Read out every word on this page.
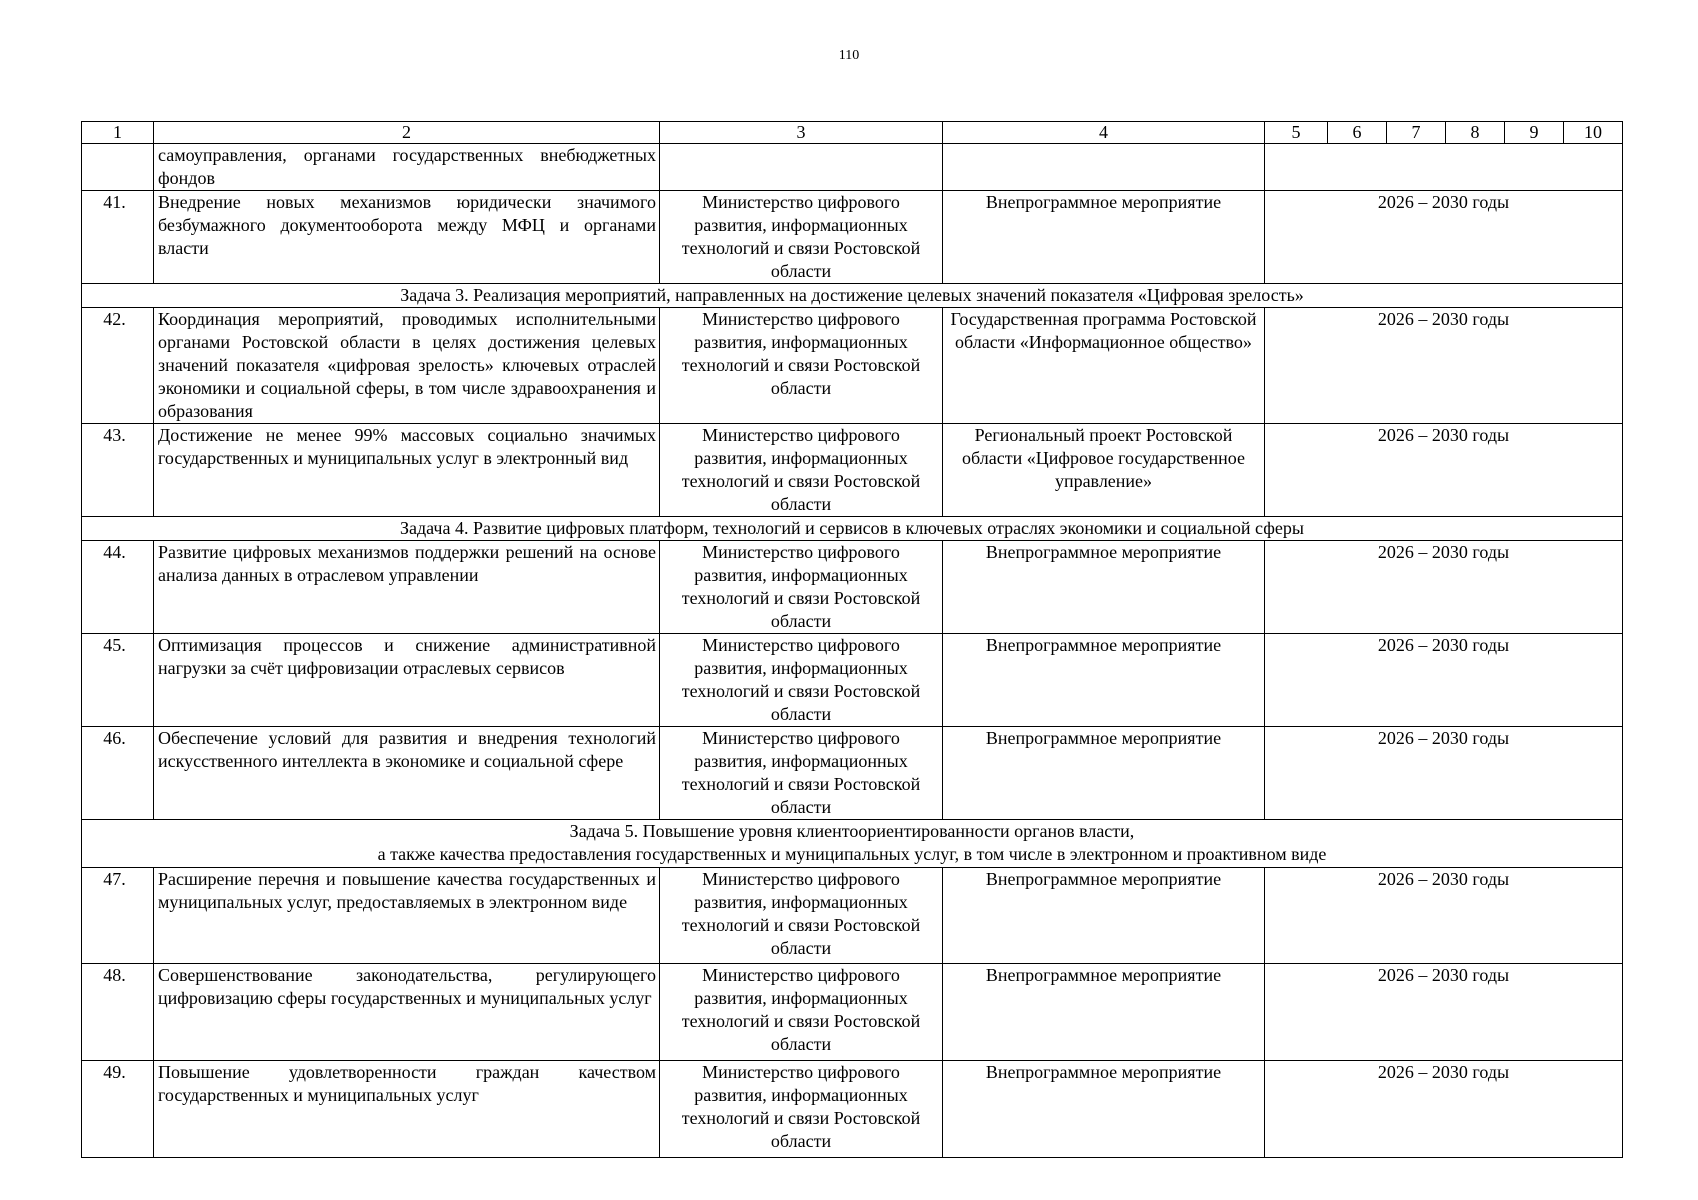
110
1	2	3	4	5	6	7	8	9	10
	самоуправления, органами государственных внебюджетных фондов								
41.	Внедрение новых механизмов юридически значимого безбумажного документооборота между МФЦ и органами власти	Министерство цифрового развития, информационных технологий и связи Ростовской области	Внепрограммное мероприятие	2026 – 2030 годы					

Задача 3. Реализация мероприятий, направленных на достижение целевых значений показателя «Цифровая зрелость»									

42.	Координация мероприятий, проводимых исполнительными органами Ростовской области в целях достижения целевых значений показателя «цифровая зрелость» ключевых отраслей экономики и социальной сферы, в том числе здравоохранения и образования	Министерство цифрового развития, информационных технологий и связи Ростовской области	Государственная программа Ростовской области «Информационное общество»	2026 – 2030 годы					
43.	Достижение не менее 99% массовых социально значимых государственных и муниципальных услуг в электронный вид	Министерство цифрового развития, информационных технологий и связи Ростовской области	Региональный проект Ростовской области «Цифровое государственное управление»	2026 – 2030 годы					

Задача 4. Развитие цифровых платформ, технологий и сервисов в ключевых отраслях экономики и социальной сферы									

44.	Развитие цифровых механизмов поддержки решений на основе анализа данных в отраслевом управлении	Министерство цифрового развития, информационных технологий и связи Ростовской области	Внепрограммное мероприятие	2026 – 2030 годы					
45.	Оптимизация процессов и снижение административной нагрузки за счёт цифровизации отраслевых сервисов	Министерство цифрового развития, информационных технологий и связи Ростовской области	Внепрограммное мероприятие	2026 – 2030 годы					
46.	Обеспечение условий для развития и внедрения технологий искусственного интеллекта в экономике и социальной сфере	Министерство цифрового развития, информационных технологий и связи Ростовской области	Внепрограммное мероприятие	2026 – 2030 годы					

Задача 5. Повышение уровня клиентоориентированности органов власти,
а также качества предоставления государственных и муниципальных услуг, в том числе в электронном и проактивном виде									

47.	Расширение перечня и повышение качества государственных и муниципальных услуг, предоставляемых в электронном виде	Министерство цифрового развития, информационных технологий и связи Ростовской области	Внепрограммное мероприятие	2026 – 2030 годы					
48.	Совершенствование законодательства, регулирующего цифровизацию сферы государственных и муниципальных услуг	Министерство цифрового развития, информационных технологий и связи Ростовской области	Внепрограммное мероприятие	2026 – 2030 годы					
49.	Повышение удовлетворенности граждан качеством государственных и муниципальных услуг	Министерство цифрового развития, информационных технологий и связи Ростовской области	Внепрограммное мероприятие	2026 – 2030 годы					
